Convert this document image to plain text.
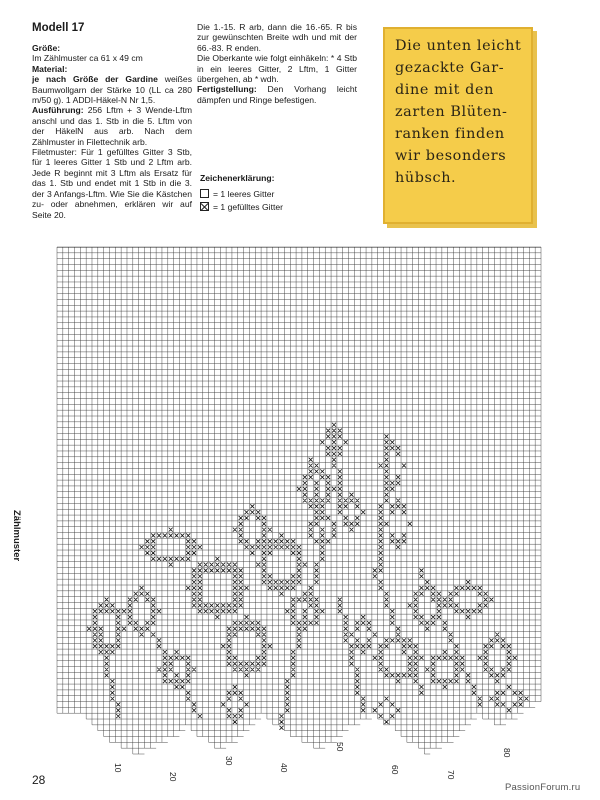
Modell 17
Größe:
Im Zählmuster ca 61 x 49 cm
Material:
je nach Größe der Gardine weißes Baumwollgarn der Stärke 10 (LL ca 280 m/50 g). 1 ADDI-Häkel-N Nr 1,5.
Ausführung: 256 Lftm + 3 Wende-Lftm anschl und das 1. Stb in die 5. Lftm von der HäkelN aus arb. Nach dem Zählmuster in Filettechnik arb.
Filetmuster: Für 1 gefülltes Gitter 3 Stb, für 1 leeres Gitter 1 Stb und 2 Lftm arb. Jede R beginnt mit 3 Lftm als Ersatz für das 1. Stb und endet mit 1 Stb in die 3. der 3 Anfangs-Lftm. Wie Sie die Kästchen zu- oder abnehmen, erklären wir auf Seite 20.
Die 1.-15. R arb, dann die 16.-65. R bis zur gewünschten Breite wdh und mit der 66.-83. R enden.
Die Oberkante wie folgt einhäkeln: * 4 Stb in ein leeres Gitter, 2 Lftm, 1 Gitter übergehen, ab * wdh.
Fertigstellung: Den Vorhang leicht dämpfen und Ringe befestigen.
Zeichenerklärung:
= 1 leeres Gitter
= 1 gefülltes Gitter
Die unten leicht
gezackte Gar-
dine mit den
zarten Blüten-
ranken finden
wir besonders
hübsch.
Zählmuster
10
20
30
40
50
60
70
80
28
PassionForum.ru
